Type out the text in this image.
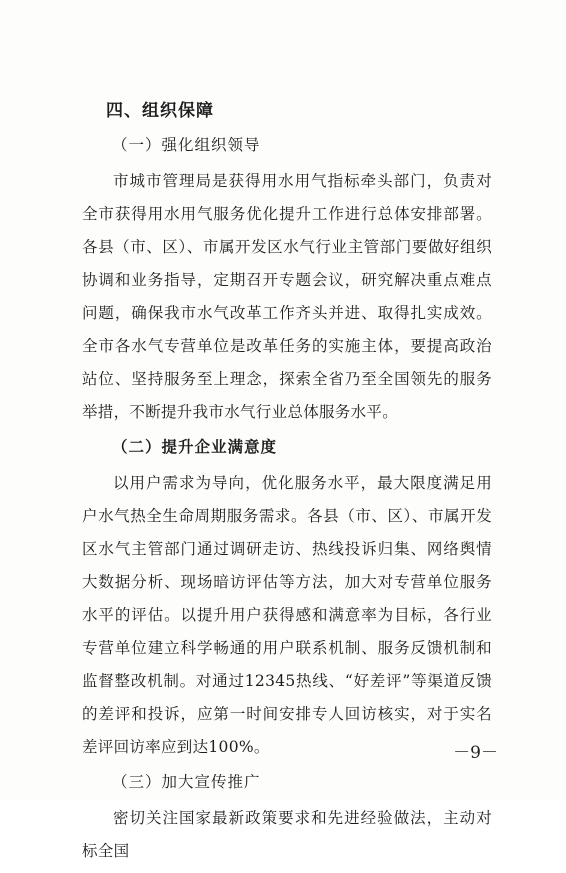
四、组织保障
（一）强化组织领导

市城市管理局是获得用水用气指标牵头部门，负责对全市获得用水用气服务优化提升工作进行总体安排部署。各县（市、区）、市属开发区水气行业主管部门要做好组织协调和业务指导，定期召开专题会议，研究解决重点难点问题，确保我市水气改革工作齐头并进、取得扎实成效。全市各水气专营单位是改革任务的实施主体，要提高政治站位、坚持服务至上理念，探索全省乃至全国领先的服务举措，不断提升我市水气行业总体服务水平。

（二）提升企业满意度

以用户需求为导向，优化服务水平，最大限度满足用户水气热全生命周期服务需求。各县（市、区）、市属开发区水气主管部门通过调研走访、热线投诉归集、网络舆情大数据分析、现场暗访评估等方法，加大对专营单位服务水平的评估。以提升用户获得感和满意率为目标，各行业专营单位建立科学畅通的用户联系机制、服务反馈机制和监督整改机制。对通过12345热线、“好差评”等渠道反馈的差评和投诉，应第一时间安排专人回访核实，对于实名差评回访率应到达100%。

（三）加大宣传推广

密切关注国家最新政策要求和先进经验做法，主动对标全国

－9－
